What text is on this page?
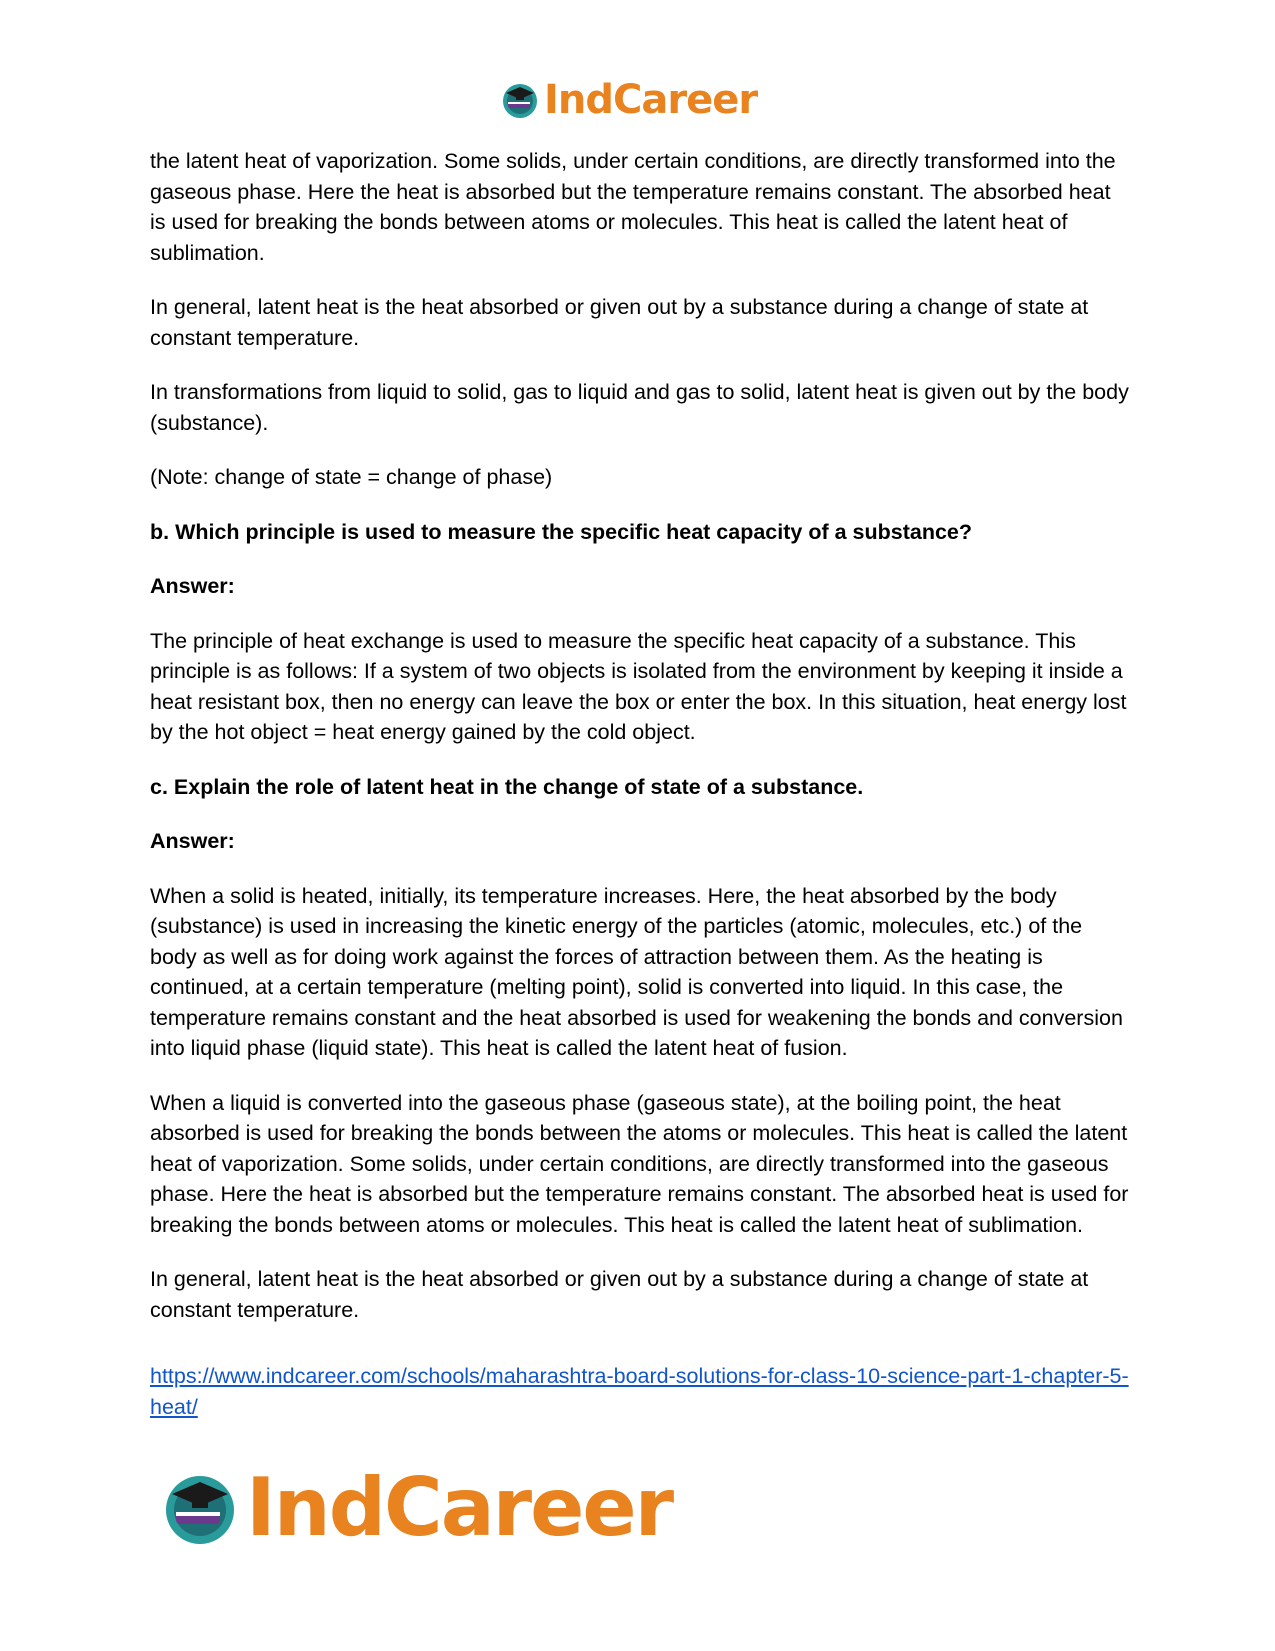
IndCareer

the latent heat of vaporization. Some solids, under certain conditions, are directly transformed into the gaseous phase. Here the heat is absorbed but the temperature remains constant. The absorbed heat is used for breaking the bonds between atoms or molecules. This heat is called the latent heat of sublimation.

In general, latent heat is the heat absorbed or given out by a substance during a change of state at constant temperature.

In transformations from liquid to solid, gas to liquid and gas to solid, latent heat is given out by the body (substance).

(Note: change of state = change of phase)

b. Which principle is used to measure the specific heat capacity of a substance?

Answer:

The principle of heat exchange is used to measure the specific heat capacity of a substance. This principle is as follows: If a system of two objects is isolated from the environment by keeping it inside a heat resistant box, then no energy can leave the box or enter the box. In this situation, heat energy lost by the hot object = heat energy gained by the cold object.

c. Explain the role of latent heat in the change of state of a substance.

Answer:

When a solid is heated, initially, its temperature increases. Here, the heat absorbed by the body (substance) is used in increasing the kinetic energy of the particles (atomic, molecules, etc.) of the body as well as for doing work against the forces of attraction between them. As the heating is continued, at a certain temperature (melting point), solid is converted into liquid. In this case, the temperature remains constant and the heat absorbed is used for weakening the bonds and conversion into liquid phase (liquid state). This heat is called the latent heat of fusion.

When a liquid is converted into the gaseous phase (gaseous state), at the boiling point, the heat absorbed is used for breaking the bonds between the atoms or molecules. This heat is called the latent heat of vaporization. Some solids, under certain conditions, are directly transformed into the gaseous phase. Here the heat is absorbed but the temperature remains constant. The absorbed heat is used for breaking the bonds between atoms or molecules. This heat is called the latent heat of sublimation.

In general, latent heat is the heat absorbed or given out by a substance during a change of state at constant temperature.

https://www.indcareer.com/schools/maharashtra-board-solutions-for-class-10-science-part-1-chapter-5-heat/

IndCareer
